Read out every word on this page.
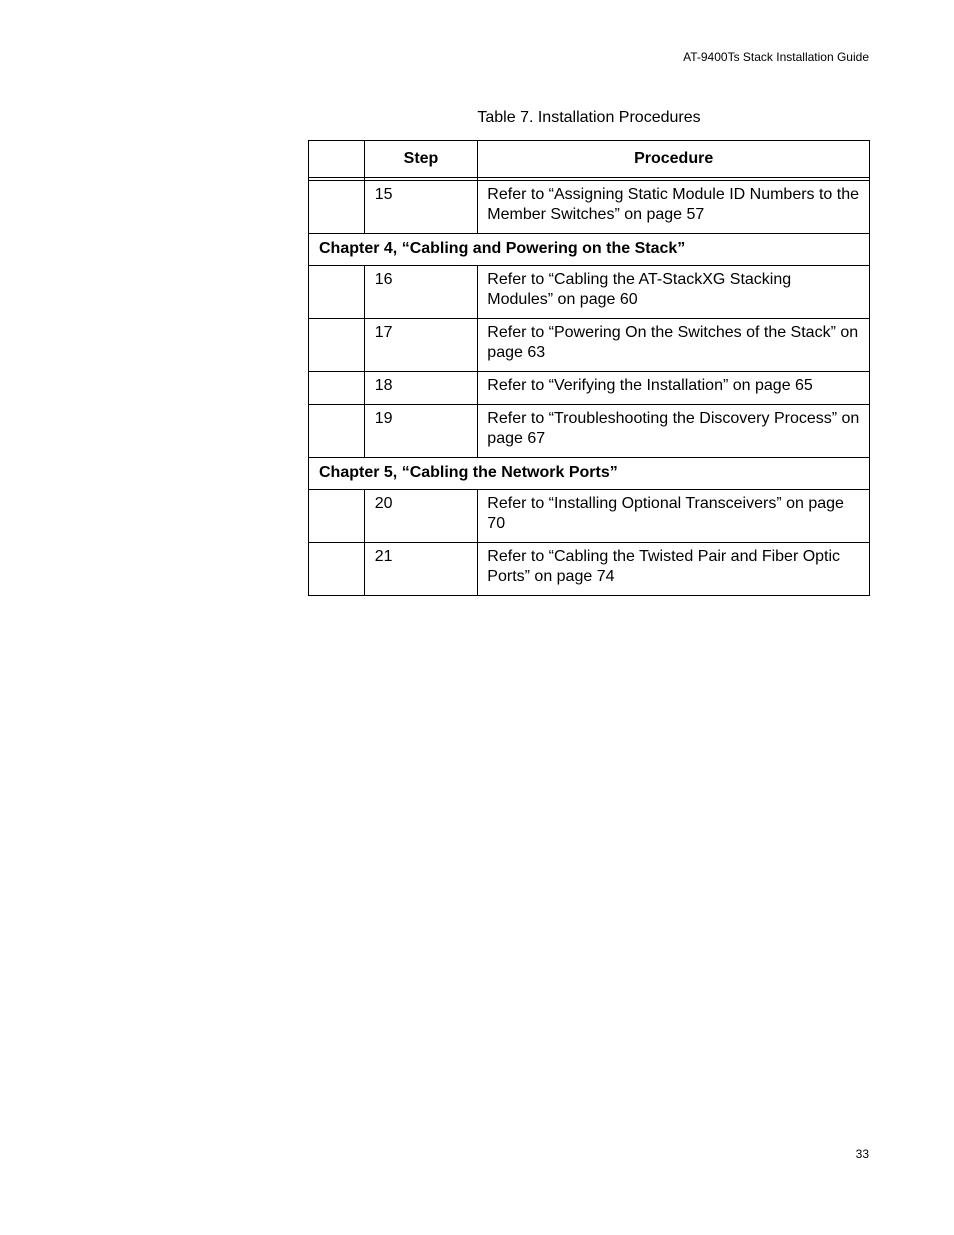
AT-9400Ts Stack Installation Guide
Table 7. Installation Procedures
	Step	Procedure

	15	Refer to “Assigning Static Module ID Numbers to the Member Switches” on page 57
Chapter 4, “Cabling and Powering on the Stack”		
	16	Refer to “Cabling the AT-StackXG Stacking Modules” on page 60
	17	Refer to “Powering On the Switches of the Stack” on page 63
	18	Refer to “Verifying the Installation” on page 65
	19	Refer to “Troubleshooting the Discovery Process” on page 67
Chapter 5, “Cabling the Network Ports”		
	20	Refer to “Installing Optional Transceivers” on page 70
	21	Refer to “Cabling the Twisted Pair and Fiber Optic Ports” on page 74
33
